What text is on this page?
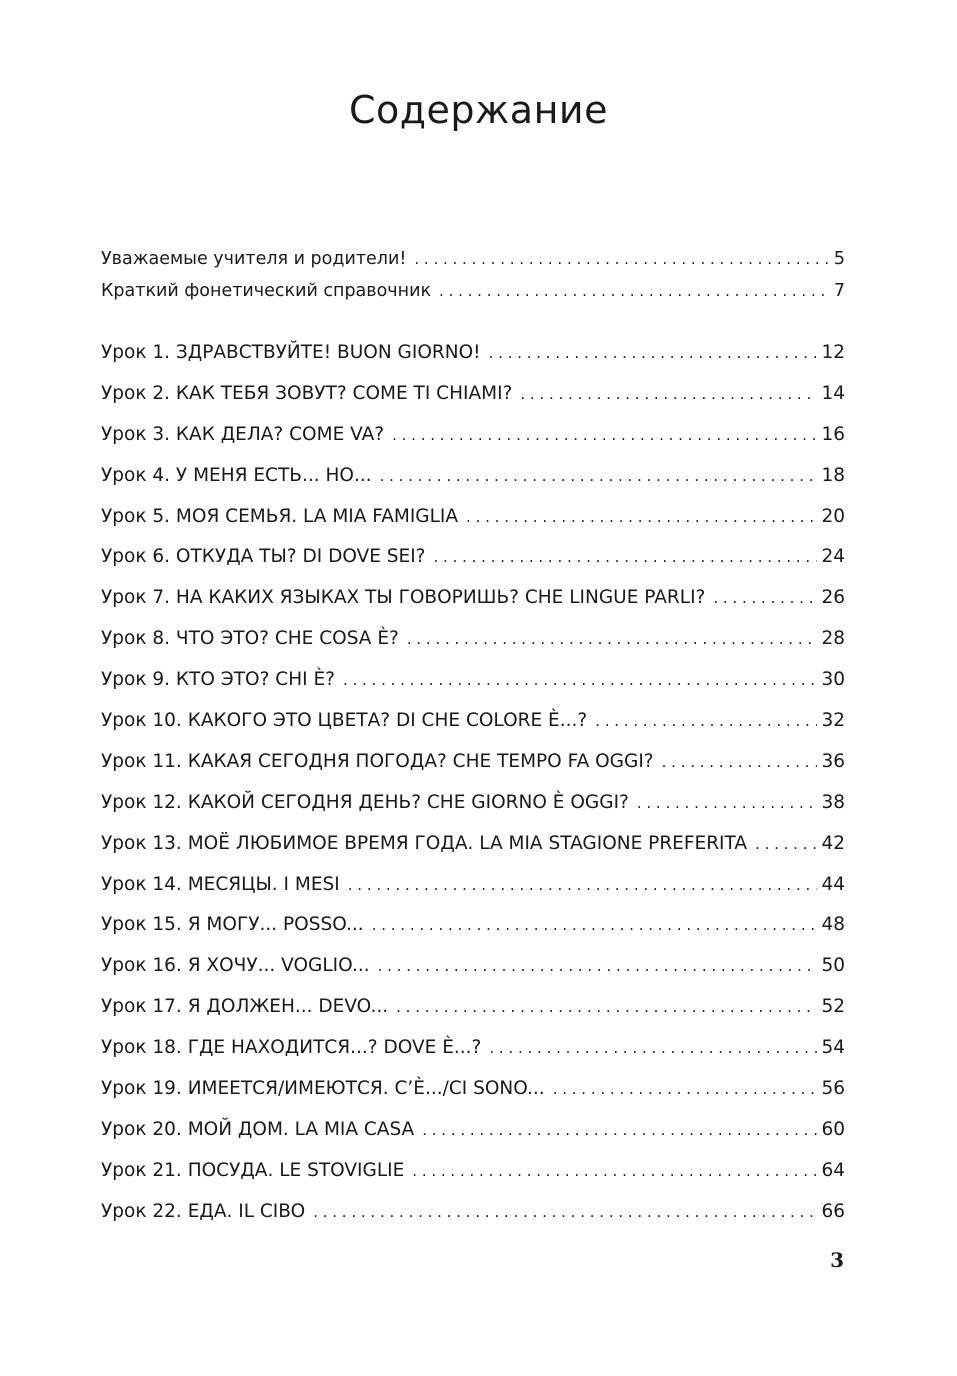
Содержание
Уважаемые учителя и родители! . . .	5
Краткий фонетический справочник . . .	7
Урок 1. ЗДРАВСТВУЙТЕ! BUON GIORNO! . . .	12
Урок 2. КАК ТЕБЯ ЗОВУТ? COME TI CHIAMI? . . .	14
Урок 3. КАК ДЕЛА? COME VA? . . .	16
Урок 4. У МЕНЯ ЕСТЬ... НО... . . .	18
Урок 5. МОЯ СЕМЬЯ. LA MIA FAMIGLIA . . .	20
Урок 6. ОТКУДА ТЫ? DI DOVE SEI? . . .	24
Урок 7. НА КАКИХ ЯЗЫКАХ ТЫ ГОВОРИШЬ? CHE LINGUE PARLI? . . .	26
Урок 8. ЧТО ЭТО? CHE COSA È? . . .	28
Урок 9. КТО ЭТО? CHI È? . . .	30
Урок 10. КАКОГО ЭТО ЦВЕТА? DI CHE COLORE È...? . . .	32
Урок 11. КАКАЯ СЕГОДНЯ ПОГОДА? CHE TEMPO FA OGGI? . . .	36
Урок 12. КАКОЙ СЕГОДНЯ ДЕНЬ? CHE GIORNO È OGGI? . . .	38
Урок 13. МОЁ ЛЮБИМОЕ ВРЕМЯ ГОДА. LA MIA STAGIONE PREFERITA . . .	42
Урок 14. МЕСЯЦЫ. I MESI . . .	44
Урок 15. Я МОГУ... POSSO... . . .	48
Урок 16. Я ХОЧУ... VOGLIO... . . .	50
Урок 17. Я ДОЛЖЕН... DEVO... . . .	52
Урок 18. ГДЕ НАХОДИТСЯ...? DOVE È...? . . .	54
Урок 19. ИМЕЕТСЯ/ИМЕЮТСЯ. C’È.../CI SONO... . . .	56
Урок 20. МОЙ ДОМ. LA MIA CASA . . .	60
Урок 21. ПОСУДА. LE STOVIGLIE . . .	64
Урок 22. ЕДА. IL CIBO . . .	66
3
